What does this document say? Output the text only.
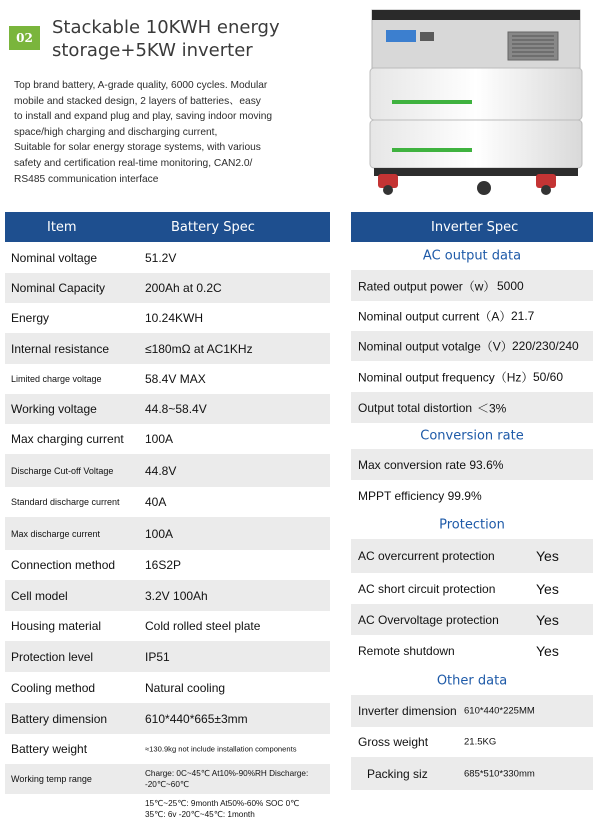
02	Stackable 10KWH energy
storage+5KW inverter
Top brand battery, A-grade quality, 6000 cycles. Modular
mobile and stacked design, 2 layers of batteries、easy
to install and expand plug and play, saving indoor moving
space/high charging and discharging current,
Suitable for solar energy storage systems, with various
safety and certification real-time monitoring, CAN2.0/
RS485 communication interface
Item	Battery Spec
Nominal voltage	51.2V
Nominal Capacity	200Ah at 0.2C
Energy	10.24KWH
Internal resistance	≤180mΩ at AC1KHz
Limited charge voltage	58.4V MAX
Working voltage	44.8~58.4V
Max charging current 100A
Discharge Cut-off Voltage	44.8V
Standard discharge current 40A
Max discharge current	100A
Connection method 16S2P
Cell model	3.2V 100Ah
Housing material	Cold rolled steel plate
Protection level	IP51
Cooling method	Natural cooling
Battery dimension	610*440*665±3mm
Battery weight	≈130.9kg not include installation components
Working temp range
Charge: 0C~45℃ At10%-90%RH Discharge: -20℃~60℃
15℃~25℃: 9month At50%-60% SOC 0℃
35℃: 6v -20℃~45℃: 1month
Inverter Spec
AC output data
Rated output power（w） 5000
Nominal output current（A） 21.7
Nominal output votalge（V） 220/230/240
Nominal output frequency（Hz） 50/60
Output total distortion ＜3%
Conversion rate
Max conversion rate 93.6%
MPPT efficiency 99.9%
Protection
AC overcurrent protection	Yes
AC short circuit protection	Yes
AC Overvoltage protection	Yes
Remote shutdown	Yes
Other data
Inverter dimension 610*440*225MM
Gross weight	21.5KG
Packing siz	685*510*330mm
